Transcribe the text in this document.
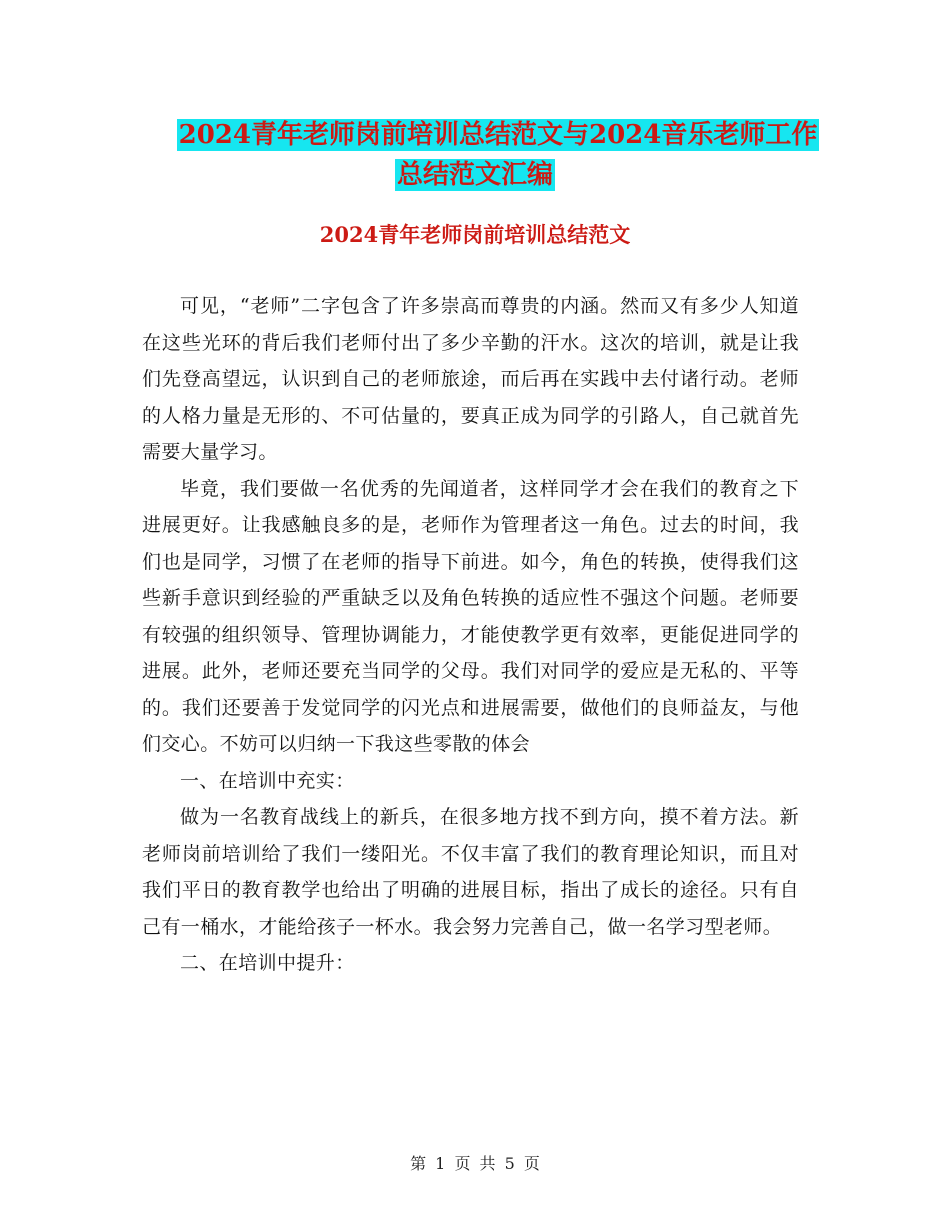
2024青年老师岗前培训总结范文与2024音乐老师工作
总结范文汇编
2024青年老师岗前培训总结范文

可见，“老师”二字包含了许多崇高而尊贵的内涵。然而又有多少人知道在这些光环的背后我们老师付出了多少辛勤的汗水。这次的培训，就是让我们先登高望远，认识到自己的老师旅途，而后再在实践中去付诸行动。老师的人格力量是无形的、不可估量的，要真正成为同学的引路人，自己就首先需要大量学习。

毕竟，我们要做一名优秀的先闻道者，这样同学才会在我们的教育之下进展更好。让我感触良多的是，老师作为管理者这一角色。过去的时间，我们也是同学，习惯了在老师的指导下前进。如今，角色的转换，使得我们这些新手意识到经验的严重缺乏以及角色转换的适应性不强这个问题。老师要有较强的组织领导、管理协调能力，才能使教学更有效率，更能促进同学的进展。此外，老师还要充当同学的父母。我们对同学的爱应是无私的、平等的。我们还要善于发觉同学的闪光点和进展需要，做他们的良师益友，与他们交心。不妨可以归纳一下我这些零散的体会

一、在培训中充实：

做为一名教育战线上的新兵，在很多地方找不到方向，摸不着方法。新老师岗前培训给了我们一缕阳光。不仅丰富了我们的教育理论知识，而且对我们平日的教育教学也给出了明确的进展目标，指出了成长的途径。只有自己有一桶水，才能给孩子一杯水。我会努力完善自己，做一名学习型老师。

二、在培训中提升：

第 1 页 共 5 页
